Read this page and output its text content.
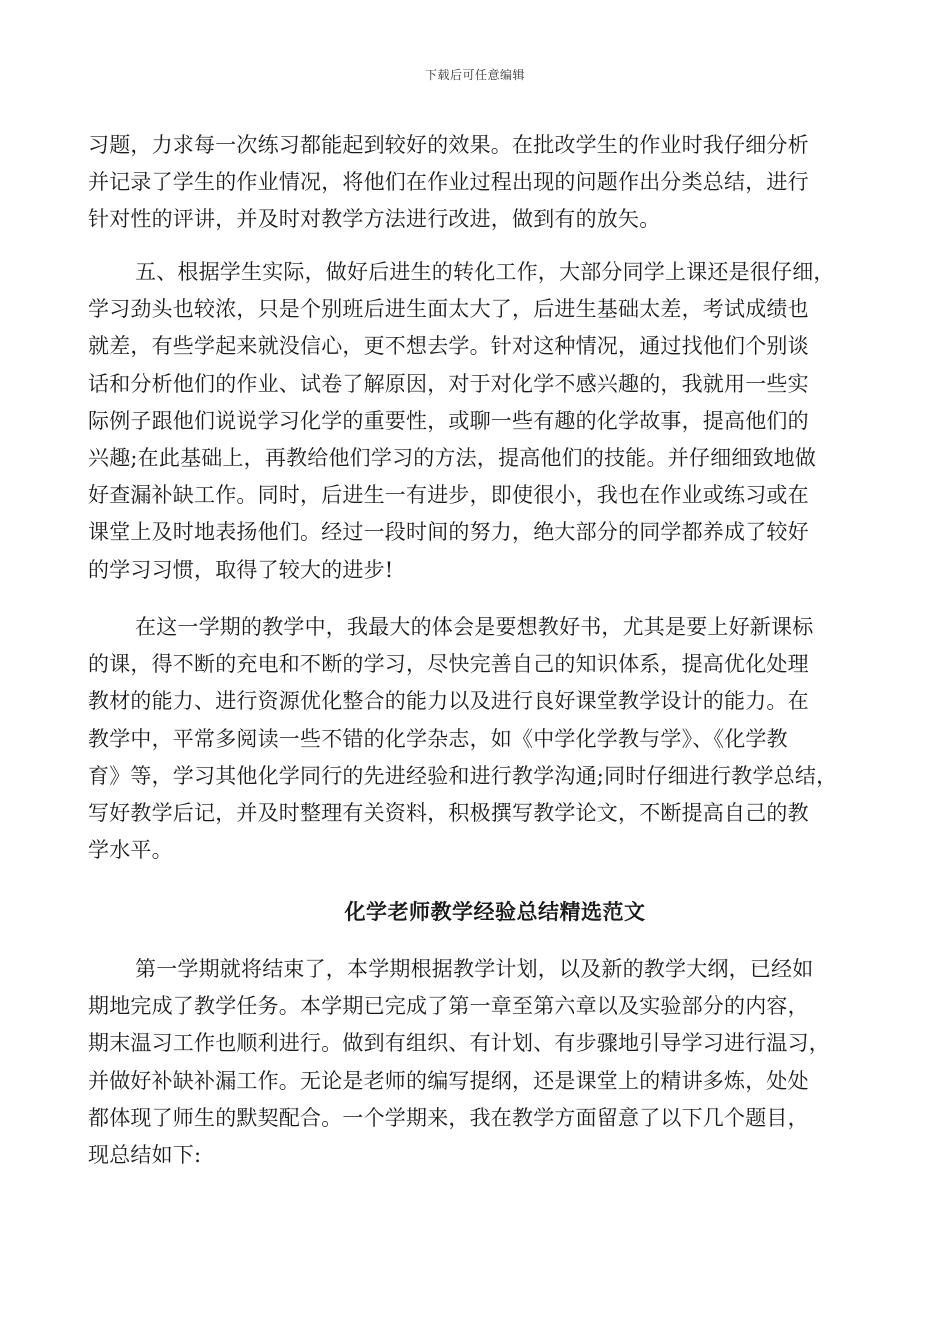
下载后可任意编辑
习题，力求每一次练习都能起到较好的效果。在批改学生的作业时我仔细分析
并记录了学生的作业情况，将他们在作业过程出现的问题作出分类总结，进行
针对性的评讲，并及时对教学方法进行改进，做到有的放矢。
五、根据学生实际，做好后进生的转化工作，大部分同学上课还是很仔细，
学习劲头也较浓，只是个别班后进生面太大了，后进生基础太差，考试成绩也
就差，有些学起来就没信心，更不想去学。针对这种情况，通过找他们个别谈
话和分析他们的作业、试卷了解原因，对于对化学不感兴趣的，我就用一些实
际例子跟他们说说学习化学的重要性，或聊一些有趣的化学故事，提高他们的
兴趣;在此基础上，再教给他们学习的方法，提高他们的技能。并仔细细致地做
好查漏补缺工作。同时，后进生一有进步，即使很小，我也在作业或练习或在
课堂上及时地表扬他们。经过一段时间的努力，绝大部分的同学都养成了较好
的学习习惯，取得了较大的进步!
在这一学期的教学中，我最大的体会是要想教好书，尤其是要上好新课标
的课，得不断的充电和不断的学习，尽快完善自己的知识体系，提高优化处理
教材的能力、进行资源优化整合的能力以及进行良好课堂教学设计的能力。在
教学中，平常多阅读一些不错的化学杂志，如《中学化学教与学》、《化学教
育》等，学习其他化学同行的先进经验和进行教学沟通;同时仔细进行教学总结，
写好教学后记，并及时整理有关资料，积极撰写教学论文，不断提高自己的教
学水平。
化学老师教学经验总结精选范文
第一学期就将结束了，本学期根据教学计划，以及新的教学大纲，已经如
期地完成了教学任务。本学期已完成了第一章至第六章以及实验部分的内容，
期末温习工作也顺利进行。做到有组织、有计划、有步骤地引导学习进行温习，
并做好补缺补漏工作。无论是老师的编写提纲，还是课堂上的精讲多炼，处处
都体现了师生的默契配合。一个学期来，我在教学方面留意了以下几个题目，
现总结如下:
